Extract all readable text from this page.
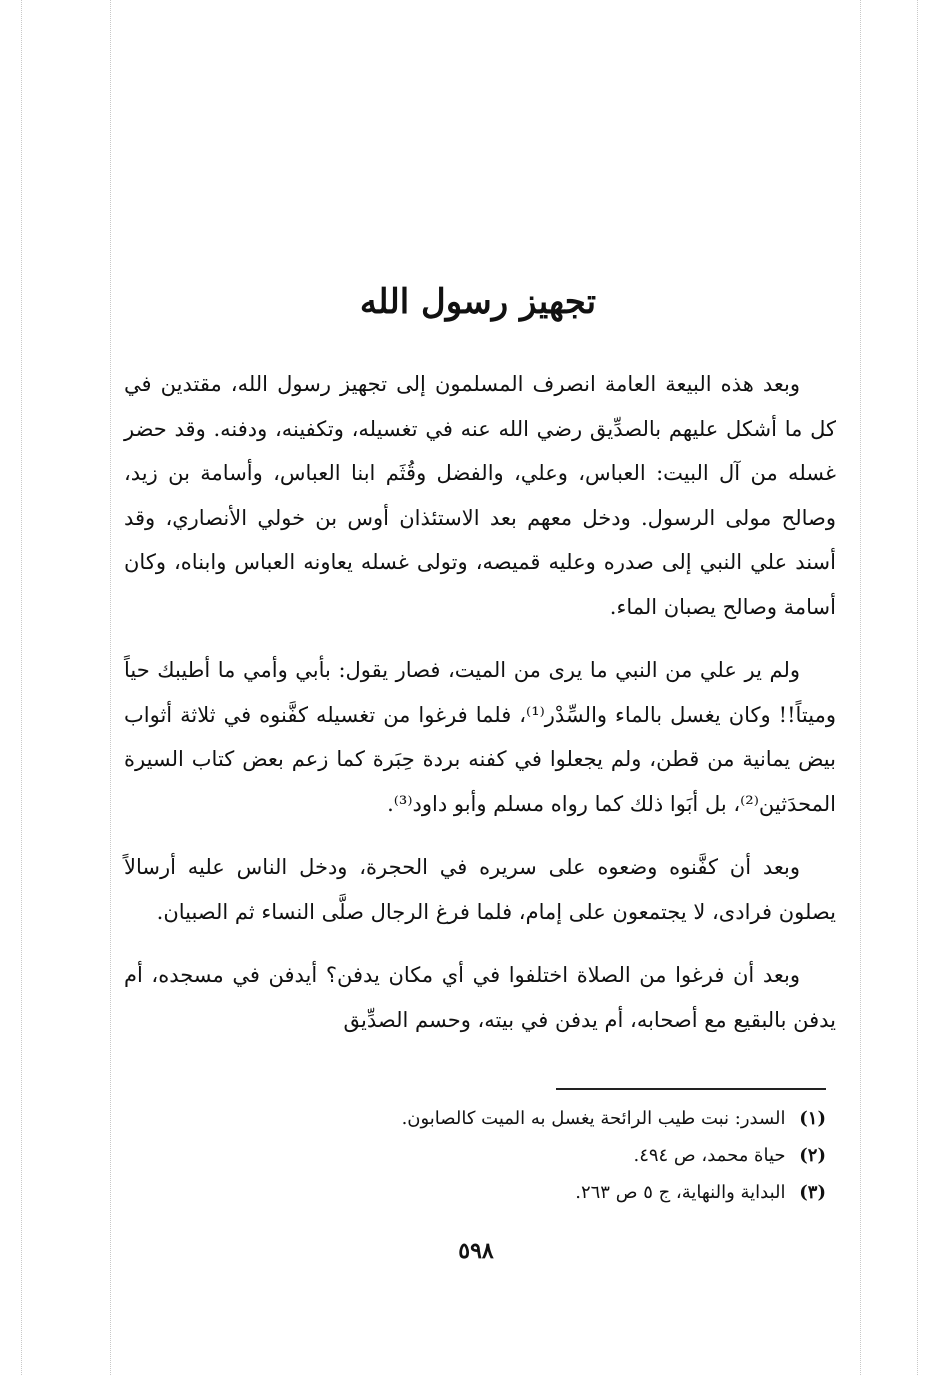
تجهيز رسول الله

وبعد هذه البيعة العامة انصرف المسلمون إلى تجهيز رسول الله، مقتدين في كل ما أشكل عليهم بالصدِّيق رضي الله عنه في تغسيله، وتكفينه، ودفنه. وقد حضر غسله من آل البيت: العباس، وعلي، والفضل وقُثَم ابنا العباس، وأسامة بن زيد، وصالح مولى الرسول. ودخل معهم بعد الاستئذان أوس بن خولي الأنصاري، وقد أسند علي النبي إلى صدره وعليه قميصه، وتولى غسله يعاونه العباس وابناه، وكان أسامة وصالح يصبان الماء.

ولم ير علي من النبي ما يرى من الميت، فصار يقول: بأبي وأمي ما أطيبك حياً وميتاً!! وكان يغسل بالماء والسِّدْر⁽¹⁾، فلما فرغوا من تغسيله كفَّنوه في ثلاثة أثواب بيض يمانية من قطن، ولم يجعلوا في كفنه بردة حِبَرة كما زعم بعض كتاب السيرة المحدَثين⁽²⁾، بل أبَوا ذلك كما رواه مسلم وأبو داود⁽³⁾.

وبعد أن كفَّنوه وضعوه على سريره في الحجرة، ودخل الناس عليه أرسالاً يصلون فرادى، لا يجتمعون على إمام، فلما فرغ الرجال صلَّى النساء ثم الصبيان.

وبعد أن فرغوا من الصلاة اختلفوا في أي مكان يدفن؟ أيدفن في مسجده، أم يدفن بالبقيع مع أصحابه، أم يدفن في بيته، وحسم الصدِّيق

(١) السدر: نبت طيب الرائحة يغسل به الميت كالصابون.
(٢) حياة محمد، ص ٤٩٤.
(٣) البداية والنهاية، ج ٥ ص ٢٦٣.
٥٩٨
